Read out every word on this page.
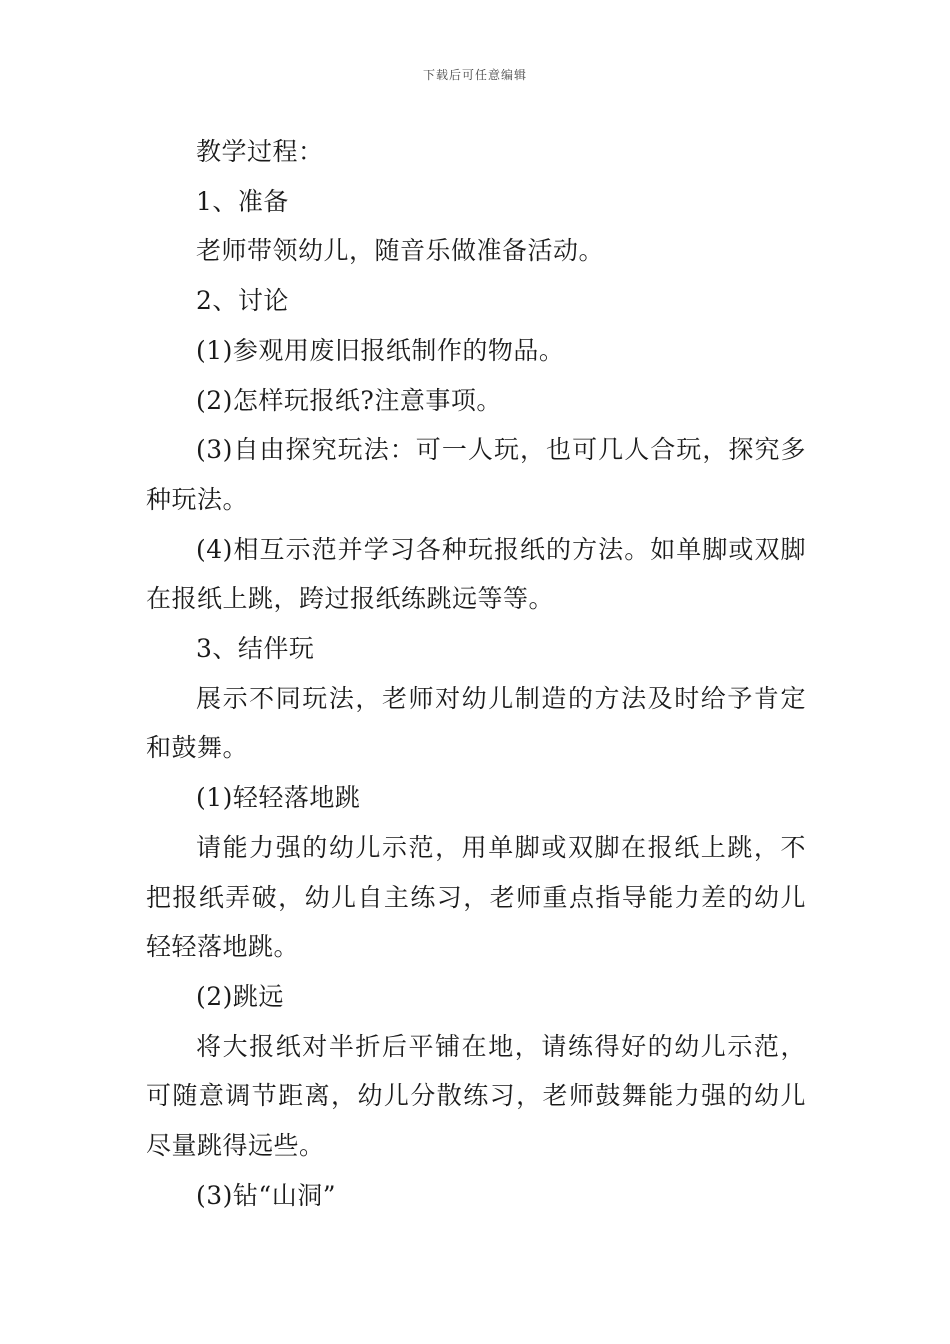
下载后可任意编辑

教学过程：

1、准备

老师带领幼儿，随音乐做准备活动。

2、讨论

(1)参观用废旧报纸制作的物品。

(2)怎样玩报纸?注意事项。

(3)自由探究玩法：可一人玩，也可几人合玩，探究多种玩法。

(4)相互示范并学习各种玩报纸的方法。如单脚或双脚在报纸上跳，跨过报纸练跳远等等。

3、结伴玩

展示不同玩法，老师对幼儿制造的方法及时给予肯定和鼓舞。

(1)轻轻落地跳

请能力强的幼儿示范，用单脚或双脚在报纸上跳，不把报纸弄破，幼儿自主练习，老师重点指导能力差的幼儿轻轻落地跳。

(2)跳远

将大报纸对半折后平铺在地，请练得好的幼儿示范，可随意调节距离，幼儿分散练习，老师鼓舞能力强的幼儿尽量跳得远些。

(3)钻“山洞”
